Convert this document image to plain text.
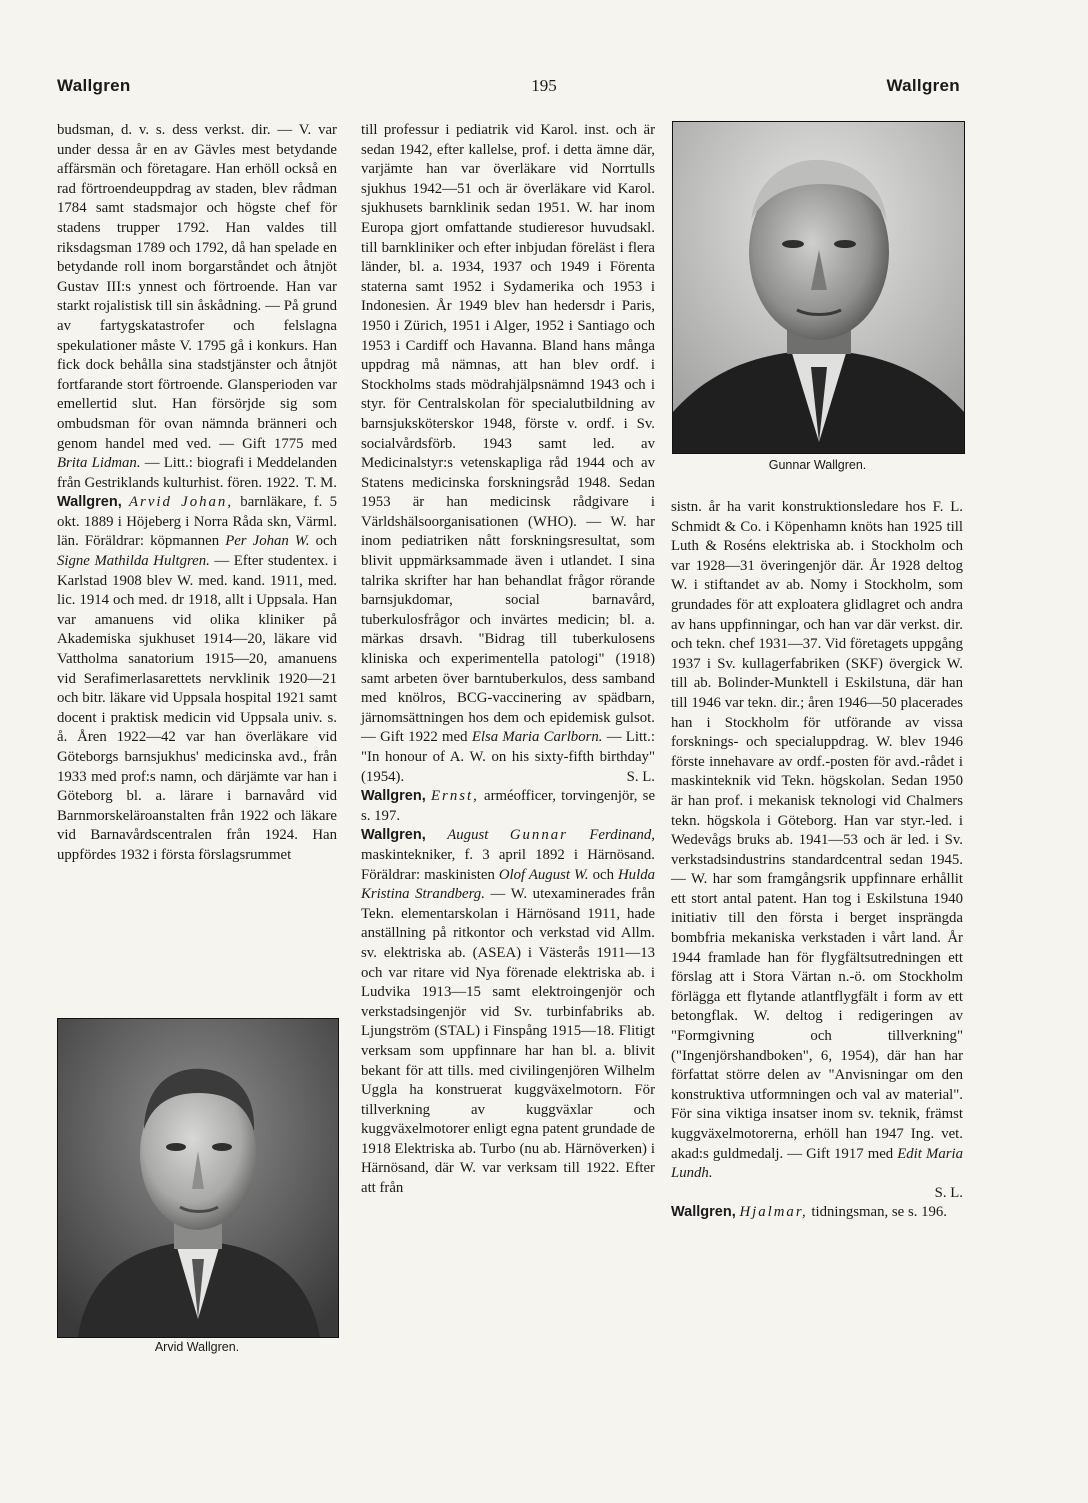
Wallgren	195	Wallgren

budsman, d. v. s. dess verkst. dir. — V. var under dessa år en av Gävles mest betydande affärsmän och företagare. Han erhöll också en rad förtroendeuppdrag av staden, blev rådman 1784 samt stadsmajor och högste chef för stadens trupper 1792. Han valdes till riksdagsman 1789 och 1792, då han spelade en betydande roll inom borgarståndet och åtnjöt Gustav III:s ynnest och förtroende. Han var starkt rojalistisk till sin åskådning. — På grund av fartygskatastrofer och felslagna spekulationer måste V. 1795 gå i konkurs. Han fick dock behålla sina stadstjänster och åtnjöt fortfarande stort förtroende. Glansperioden var emellertid slut. Han försörjde sig som ombudsman för ovan nämnda bränneri och genom handel med ved. — Gift 1775 med Brita Lidman. — Litt.: biografi i Meddelanden från Gestriklands kulturhist. fören. 1922. T. M.

Wallgren, Arvid Johan, barnläkare, f. 5 okt. 1889 i Höjeberg i Norra Råda skn, Värml. län. Föräldrar: köpmannen Per Johan W. och Signe Mathilda Hultgren. — Efter studentex. i Karlstad 1908 blev W. med. kand. 1911, med. lic. 1914 och med. dr 1918, allt i Uppsala. Han var amanuens vid olika kliniker på Akademiska sjukhuset 1914—20, läkare vid Vattholma sanatorium 1915—20, amanuens vid Serafimerlasarettets nervklinik 1920—21 och bitr. läkare vid Uppsala hospital 1921 samt docent i praktisk medicin vid Uppsala univ. s. å. Åren 1922—42 var han överläkare vid Göteborgs barnsjukhus' medicinska avd., från 1933 med prof:s namn, och därjämte var han i Göteborg bl. a. lärare i barnavård vid Barnmorskeläroanstalten från 1922 och läkare vid Barnavårdscentralen från 1924. Han uppfördes 1932 i första förslagsrummet

Arvid Wallgren.

till professur i pediatrik vid Karol. inst. och är sedan 1942, efter kallelse, prof. i detta ämne där, varjämte han var överläkare vid Norrtulls sjukhus 1942—51 och är överläkare vid Karol. sjukhusets barnklinik sedan 1951. W. har inom Europa gjort omfattande studieresor huvudsakl. till barnkliniker och efter inbjudan föreläst i flera länder, bl. a. 1934, 1937 och 1949 i Förenta staterna samt 1952 i Sydamerika och 1953 i Indonesien. År 1949 blev han hedersdr i Paris, 1950 i Zürich, 1951 i Alger, 1952 i Santiago och 1953 i Cardiff och Havanna. Bland hans många uppdrag må nämnas, att han blev ordf. i Stockholms stads mödrahjälpsnämnd 1943 och i styr. för Centralskolan för specialutbildning av barnsjuksköterskor 1948, förste v. ordf. i Sv. socialvårdsförb. 1943 samt led. av Medicinalstyr:s vetenskapliga råd 1944 och av Statens medicinska forskningsråd 1948. Sedan 1953 är han medicinsk rådgivare i Världshälsoorganisationen (WHO). — W. har inom pediatriken nått forskningsresultat, som blivit uppmärksammade även i utlandet. I sina talrika skrifter har han behandlat frågor rörande barnsjukdomar, social barnavård, tuberkulosfrågor och invärtes medicin; bl. a. märkas drsavh. "Bidrag till tuberkulosens kliniska och experimentella patologi" (1918) samt arbeten över barntuberkulos, dess samband med knölros, BCG-vaccinering av spädbarn, järnomsättningen hos dem och epidemisk gulsot. — Gift 1922 med Elsa Maria Carlborn. — Litt.: "In honour of A. W. on his sixty-fifth birthday" (1954).	S. L.

Wallgren, Ernst, arméofficer, torvingenjör, se s. 197.

Wallgren, August Gunnar Ferdinand, maskintekniker, f. 3 april 1892 i Härnösand. Föräldrar: maskinisten Olof August W. och Hulda Kristina Strandberg. — W. utexaminerades från Tekn. elementarskolan i Härnösand 1911, hade anställning på ritkontor och verkstad vid Allm. sv. elektriska ab. (ASEA) i Västerås 1911—13 och var ritare vid Nya förenade elektriska ab. i Ludvika 1913—15 samt elektroingenjör och verkstadsingenjör vid Sv. turbinfabriks ab. Ljungström (STAL) i Finspång 1915—18. Flitigt verksam som uppfinnare har han bl. a. blivit bekant för att tills. med civilingenjören Wilhelm Uggla ha konstruerat kuggväxelmotorn. För tillverkning av kuggväxlar och kuggväxelmotorer enligt egna patent grundade de 1918 Elektriska ab. Turbo (nu ab. Härnöverken) i Härnösand, där W. var verksam till 1922. Efter att från

Gunnar Wallgren.

sistn. år ha varit konstruktionsledare hos F. L. Schmidt & Co. i Köpenhamn knöts han 1925 till Luth & Roséns elektriska ab. i Stockholm och var 1928—31 överingenjör där. År 1928 deltog W. i stiftandet av ab. Nomy i Stockholm, som grundades för att exploatera glidlagret och andra av hans uppfinningar, och han var där verkst. dir. och tekn. chef 1931—37. Vid företagets uppgång 1937 i Sv. kullagerfabriken (SKF) övergick W. till ab. Bolinder-Munktell i Eskilstuna, där han till 1946 var tekn. dir.; åren 1946—50 placerades han i Stockholm för utförande av vissa forsknings- och specialuppdrag. W. blev 1946 förste innehavare av ordf.-posten för avd.-rådet i maskinteknik vid Tekn. högskolan. Sedan 1950 är han prof. i mekanisk teknologi vid Chalmers tekn. högskola i Göteborg. Han var styr.-led. i Wedevågs bruks ab. 1941—53 och är led. i Sv. verkstadsindustrins standardcentral sedan 1945. — W. har som framgångsrik uppfinnare erhållit ett stort antal patent. Han tog i Eskilstuna 1940 initiativ till den första i berget insprängda bombfria mekaniska verkstaden i vårt land. År 1944 framlade han för flygfältsutredningen ett förslag att i Stora Värtan n.-ö. om Stockholm förlägga ett flytande atlantflygfält i form av ett betongflak. W. deltog i redigeringen av "Formgivning och tillverkning" ("Ingenjörshandboken", 6, 1954), där han har författat större delen av "Anvisningar om den konstruktiva utformningen och val av material". För sina viktiga insatser inom sv. teknik, främst kuggväxelmotorerna, erhöll han 1947 Ing. vet. akad:s guldmedalj. — Gift 1917 med Edit Maria Lundh.

S. L.

Wallgren, Hjalmar, tidningsman, se s. 196.
